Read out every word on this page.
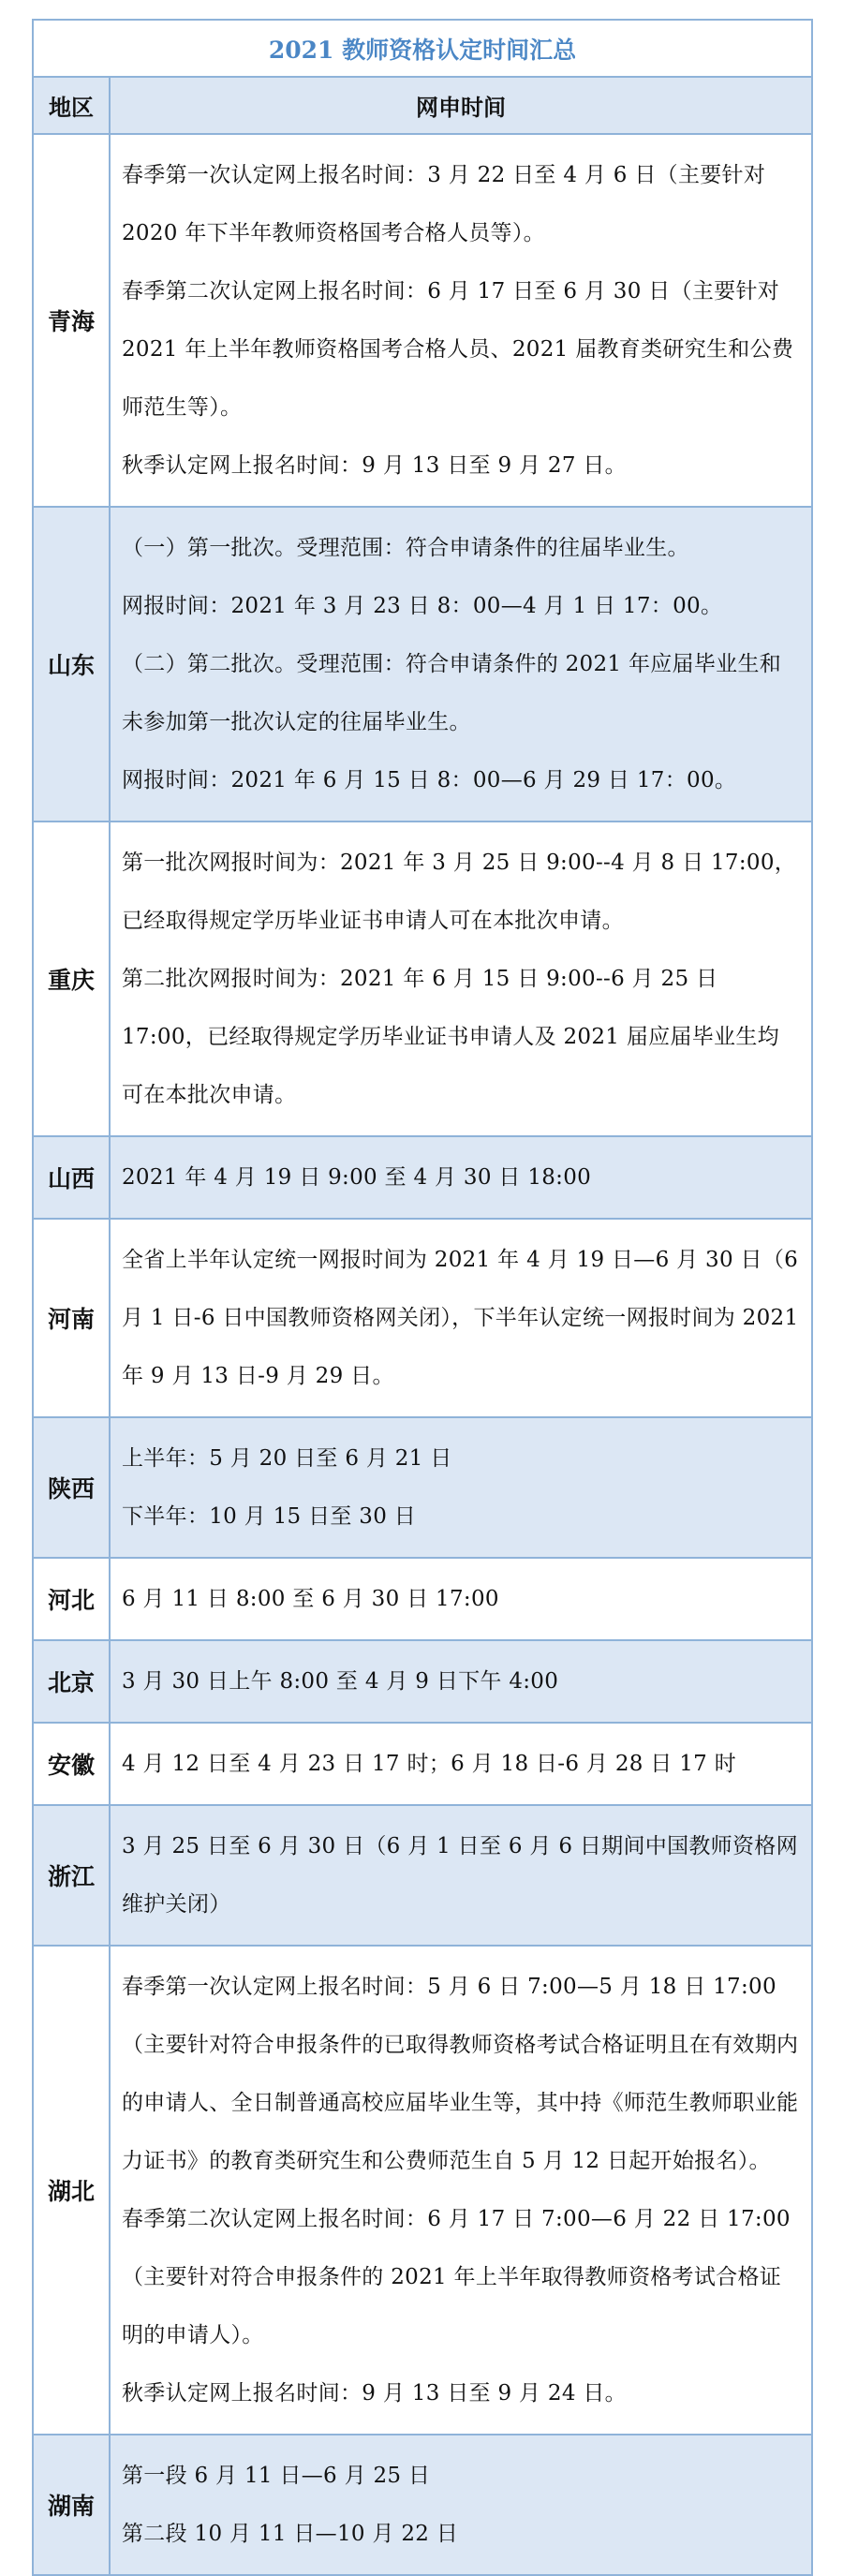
2021 教师资格认定时间汇总	
地区	网申时间
青海	春季第一次认定网上报名时间：3 月 22 日至 4 月 6 日（主要针对 2020 年下半年教师资格国考合格人员等）。

春季第二次认定网上报名时间：6 月 17 日至 6 月 30 日（主要针对 2021 年上半年教师资格国考合格人员、2021 届教育类研究生和公费师范生等）。

秋季认定网上报名时间：9 月 13 日至 9 月 27 日。

山东	（一）第一批次。受理范围：符合申请条件的往届毕业生。

网报时间：2021 年 3 月 23 日 8：00—4 月 1 日 17：00。

（二）第二批次。受理范围：符合申请条件的 2021 年应届毕业生和未参加第一批次认定的往届毕业生。

网报时间：2021 年 6 月 15 日 8：00—6 月 29 日 17：00。

重庆	第一批次网报时间为：2021 年 3 月 25 日 9:00--4 月 8 日 17:00，已经取得规定学历毕业证书申请人可在本批次申请。

第二批次网报时间为：2021 年 6 月 15 日 9:00--6 月 25 日 17:00，已经取得规定学历毕业证书申请人及 2021 届应届毕业生均可在本批次申请。

山西	2021 年 4 月 19 日 9:00 至 4 月 30 日 18:00

河南	全省上半年认定统一网报时间为 2021 年 4 月 19 日—6 月 30 日（6 月 1 日-6 日中国教师资格网关闭），下半年认定统一网报时间为 2021 年 9 月 13 日-9 月 29 日。

陕西	上半年：5 月 20 日至 6 月 21 日

下半年：10 月 15 日至 30 日

河北	6 月 11 日 8:00 至 6 月 30 日 17:00

北京	3 月 30 日上午 8:00 至 4 月 9 日下午 4:00

安徽	4 月 12 日至 4 月 23 日 17 时；6 月 18 日-6 月 28 日 17 时

浙江	3 月 25 日至 6 月 30 日（6 月 1 日至 6 月 6 日期间中国教师资格网维护关闭）

湖北	春季第一次认定网上报名时间：5 月 6 日 7:00—5 月 18 日 17:00（主要针对符合申报条件的已取得教师资格考试合格证明且在有效期内的申请人、全日制普通高校应届毕业生等，其中持《师范生教师职业能力证书》的教育类研究生和公费师范生自 5 月 12 日起开始报名）。

春季第二次认定网上报名时间：6 月 17 日 7:00—6 月 22 日 17:00（主要针对符合申报条件的 2021 年上半年取得教师资格考试合格证明的申请人）。

秋季认定网上报名时间：9 月 13 日至 9 月 24 日。

湖南	第一段 6 月 11 日—6 月 25 日

第二段 10 月 11 日—10 月 22 日
